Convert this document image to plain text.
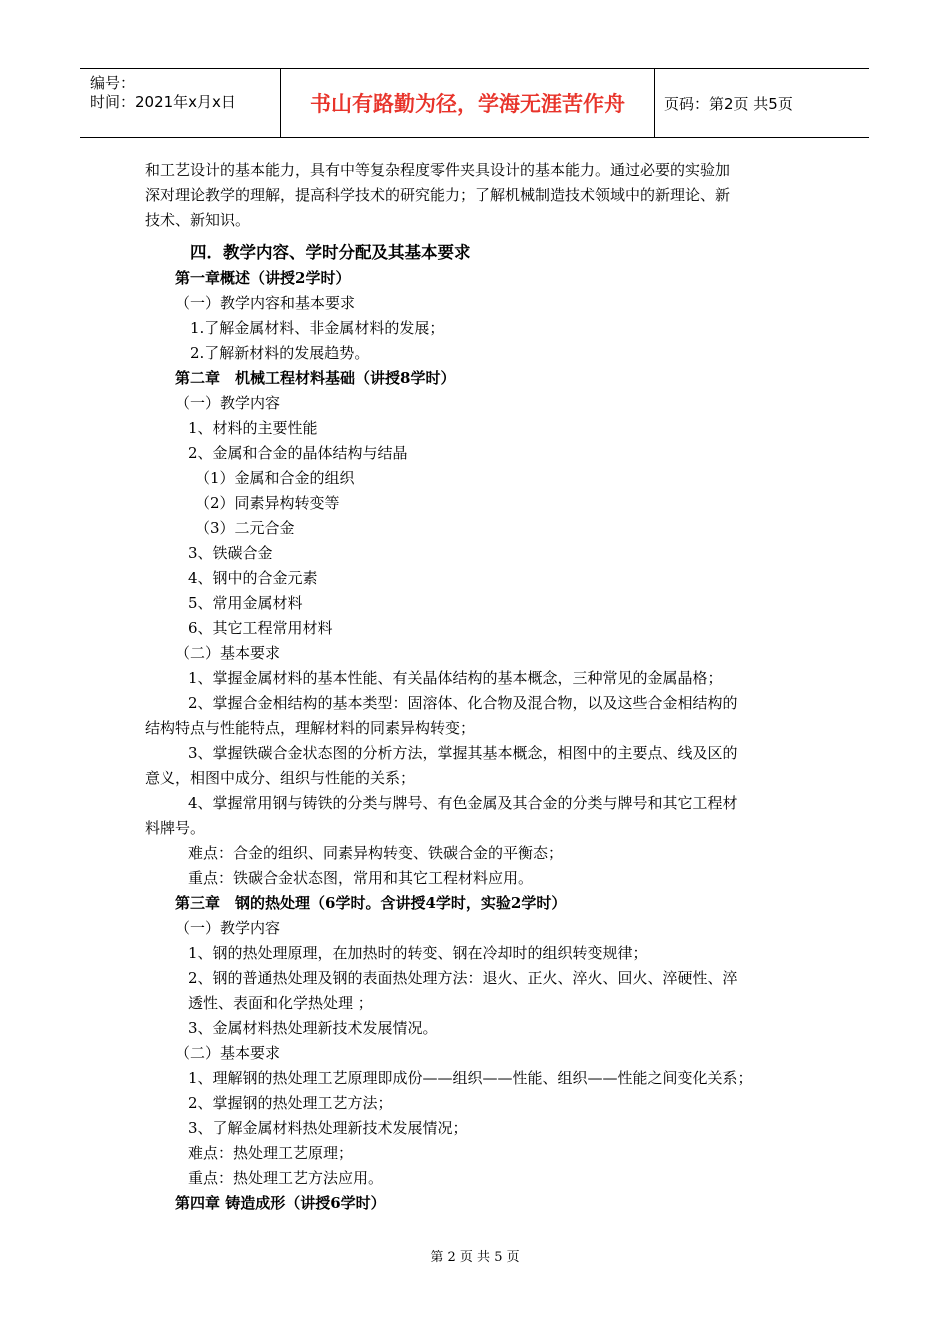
编号：
时间：2021年x月x日	书山有路勤为径，学海无涯苦作舟	页码：第2页 共5页
和工艺设计的基本能力，具有中等复杂程度零件夹具设计的基本能力。通过必要的实验加
深对理论教学的理解，提高科学技术的研究能力；了解机械制造技术领域中的新理论、新
技术、新知识。
四．教学内容、学时分配及其基本要求
第一章概述（讲授2学时）
（一）教学内容和基本要求
1.了解金属材料、非金属材料的发展；
2.了解新材料的发展趋势。
第二章　机械工程材料基础（讲授8学时）
（一）教学内容
1、材料的主要性能
2、金属和合金的晶体结构与结晶
（1）金属和合金的组织
（2）同素异构转变等
（3）二元合金
3、铁碳合金
4、钢中的合金元素
5、常用金属材料
6、其它工程常用材料
（二）基本要求
1、掌握金属材料的基本性能、有关晶体结构的基本概念，三种常见的金属晶格；
2、掌握合金相结构的基本类型：固溶体、化合物及混合物，以及这些合金相结构的
结构特点与性能特点，理解材料的同素异构转变；
3、掌握铁碳合金状态图的分析方法，掌握其基本概念，相图中的主要点、线及区的
意义，相图中成分、组织与性能的关系；
4、掌握常用钢与铸铁的分类与牌号、有色金属及其合金的分类与牌号和其它工程材
料牌号。
难点：合金的组织、同素异构转变、铁碳合金的平衡态；
重点：铁碳合金状态图，常用和其它工程材料应用。
第三章　钢的热处理（6学时。含讲授4学时，实验2学时）
（一）教学内容
1、钢的热处理原理，在加热时的转变、钢在冷却时的组织转变规律；
2、钢的普通热处理及钢的表面热处理方法：退火、正火、淬火、回火、淬硬性、淬
透性、表面和化学热处理 ；
3、金属材料热处理新技术发展情况。
（二）基本要求
1、理解钢的热处理工艺原理即成份——组织——性能、组织——性能之间变化关系；
2、掌握钢的热处理工艺方法；
3、了解金属材料热处理新技术发展情况；
难点：热处理工艺原理；
重点：热处理工艺方法应用。
第四章 铸造成形（讲授6学时）
第 2 页 共 5 页
